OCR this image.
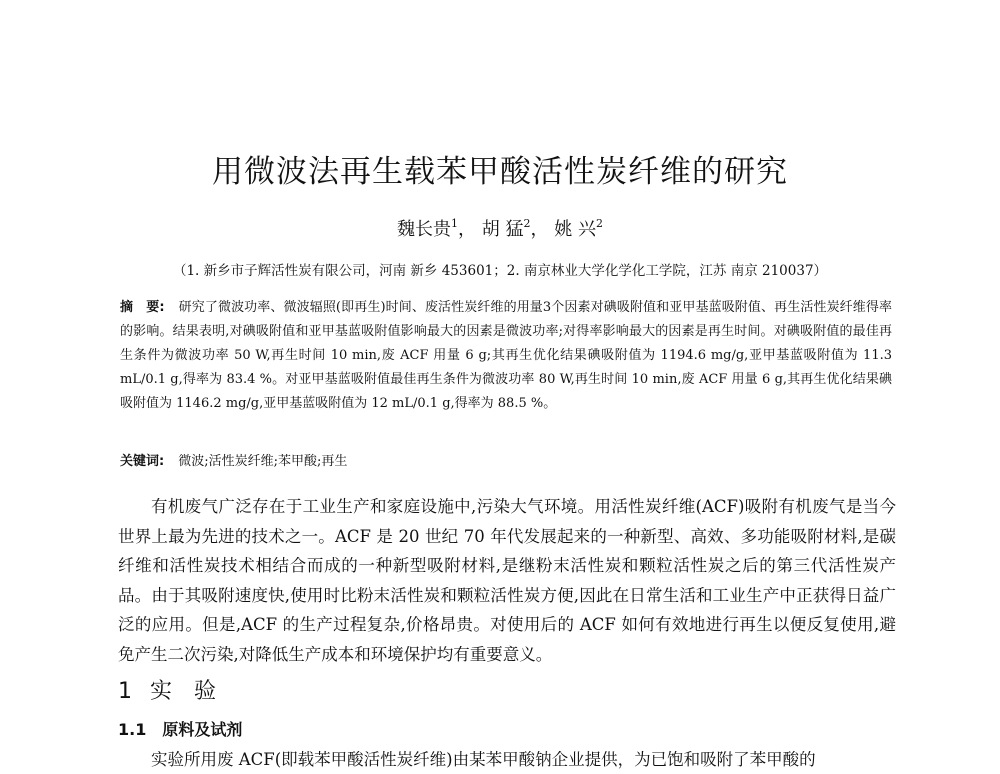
用微波法再生载苯甲酸活性炭纤维的研究
魏长贵$^1$， 胡 猛$^2$， 姚 兴$^2$
（1. 新乡市子辉活性炭有限公司，河南 新乡 453601；2. 南京林业大学化学化工学院，江苏 南京 210037）
摘　要: 研究了微波功率、微波辐照(即再生)时间、废活性炭纤维的用量3个因素对碘吸附值和亚甲基蓝吸附值、再生活性炭纤维得率的影响。结果表明,对碘吸附值和亚甲基蓝吸附值影响最大的因素是微波功率;对得率影响最大的因素是再生时间。对碘吸附值的最佳再生条件为微波功率 50 W,再生时间 10 min,废 ACF 用量 6 g;其再生优化结果碘吸附值为 1194.6 mg/g,亚甲基蓝吸附值为 11.3 mL/0.1 g,得率为 83.4 %。对亚甲基蓝吸附值最佳再生条件为微波功率 80 W,再生时间 10 min,废 ACF 用量 6 g,其再生优化结果碘吸附值为 1146.2 mg/g,亚甲基蓝吸附值为 12 mL/0.1 g,得率为 88.5 %。
关键词: 微波;活性炭纤维;苯甲酸;再生
有机废气广泛存在于工业生产和家庭设施中,污染大气环境。用活性炭纤维(ACF)吸附有机废气是当今世界上最为先进的技术之一。ACF 是 20 世纪 70 年代发展起来的一种新型、高效、多功能吸附材料,是碳纤维和活性炭技术相结合而成的一种新型吸附材料,是继粉末活性炭和颗粒活性炭之后的第三代活性炭产品。由于其吸附速度快,使用时比粉末活性炭和颗粒活性炭方便,因此在日常生活和工业生产中正获得日益广泛的应用。但是,ACF 的生产过程复杂,价格昂贵。对使用后的 ACF 如何有效地进行再生以便反复使用,避免产生二次污染,对降低生产成本和环境保护均有重要意义。
1 实　验
1.1 原料及试剂
实验所用废 ACF(即载苯甲酸活性炭纤维)由某苯甲酸钠企业提供，为已饱和吸附了苯甲酸的
